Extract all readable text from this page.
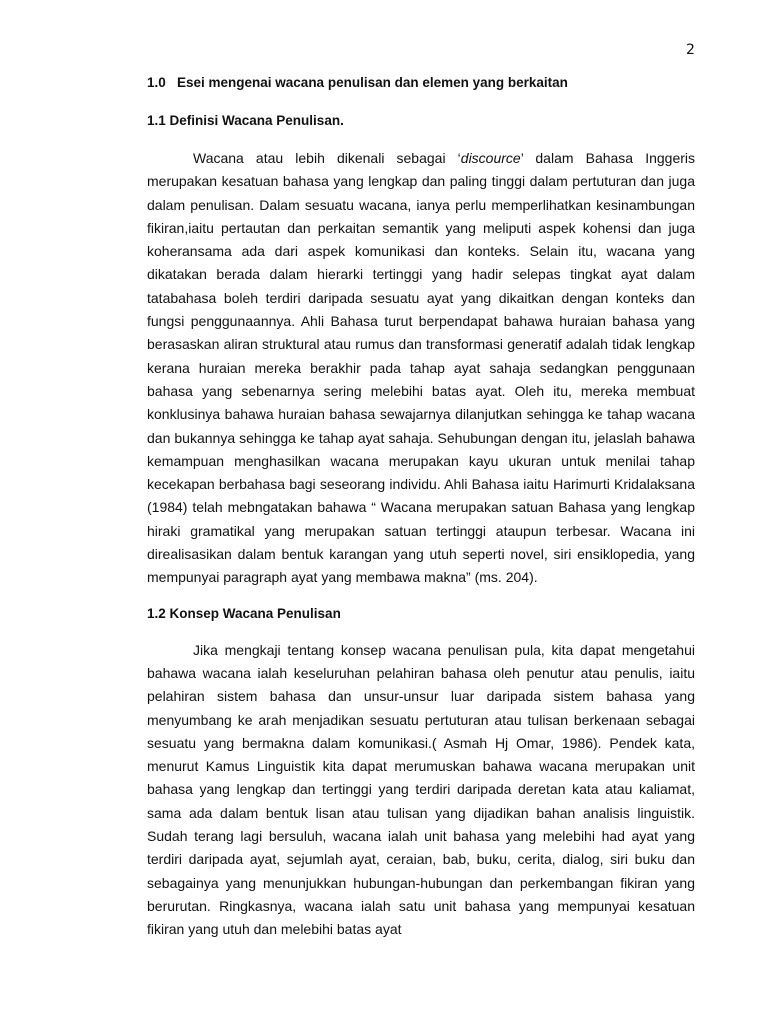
2

1.0 Esei mengenai wacana penulisan dan elemen yang berkaitan

1.1 Definisi Wacana Penulisan.

Wacana atau lebih dikenali sebagai ‘discource’ dalam Bahasa Inggeris merupakan kesatuan bahasa yang lengkap dan paling tinggi dalam pertuturan dan juga dalam penulisan. Dalam sesuatu wacana, ianya perlu memperlihatkan kesinambungan fikiran,iaitu pertautan dan perkaitan semantik yang meliputi aspek kohensi dan juga koheransama ada dari aspek komunikasi dan konteks. Selain itu, wacana yang dikatakan berada dalam hierarki tertinggi yang hadir selepas tingkat ayat dalam tatabahasa boleh terdiri daripada sesuatu ayat yang dikaitkan dengan konteks dan fungsi penggunaannya. Ahli Bahasa turut berpendapat bahawa huraian bahasa yang berasaskan aliran struktural atau rumus dan transformasi generatif adalah tidak lengkap kerana huraian mereka berakhir pada tahap ayat sahaja sedangkan penggunaan bahasa yang sebenarnya sering melebihi batas ayat. Oleh itu, mereka membuat konklusinya bahawa huraian bahasa sewajarnya dilanjutkan sehingga ke tahap wacana dan bukannya sehingga ke tahap ayat sahaja. Sehubungan dengan itu, jelaslah bahawa kemampuan menghasilkan wacana merupakan kayu ukuran untuk menilai tahap kecekapan berbahasa bagi seseorang individu. Ahli Bahasa iaitu Harimurti Kridalaksana (1984) telah mebngatakan bahawa “ Wacana merupakan satuan Bahasa yang lengkap hiraki gramatikal yang merupakan satuan tertinggi ataupun terbesar. Wacana ini direalisasikan dalam bentuk karangan yang utuh seperti novel, siri ensiklopedia, yang mempunyai paragraph ayat yang membawa makna” (ms. 204).

1.2 Konsep Wacana Penulisan

Jika mengkaji tentang konsep wacana penulisan pula, kita dapat mengetahui bahawa wacana ialah keseluruhan pelahiran bahasa oleh penutur atau penulis, iaitu pelahiran sistem bahasa dan unsur-unsur luar daripada sistem bahasa yang menyumbang ke arah menjadikan sesuatu pertuturan atau tulisan berkenaan sebagai sesuatu yang bermakna dalam komunikasi.( Asmah Hj Omar, 1986). Pendek kata, menurut Kamus Linguistik kita dapat merumuskan bahawa wacana merupakan unit bahasa yang lengkap dan tertinggi yang terdiri daripada deretan kata atau kaliamat, sama ada dalam bentuk lisan atau tulisan yang dijadikan bahan analisis linguistik. Sudah terang lagi bersuluh, wacana ialah unit bahasa yang melebihi had ayat yang terdiri daripada ayat, sejumlah ayat, ceraian, bab, buku, cerita, dialog, siri buku dan sebagainya yang menunjukkan hubungan-hubungan dan perkembangan fikiran yang berurutan. Ringkasnya, wacana ialah satu unit bahasa yang mempunyai kesatuan fikiran yang utuh dan melebihi batas ayat
